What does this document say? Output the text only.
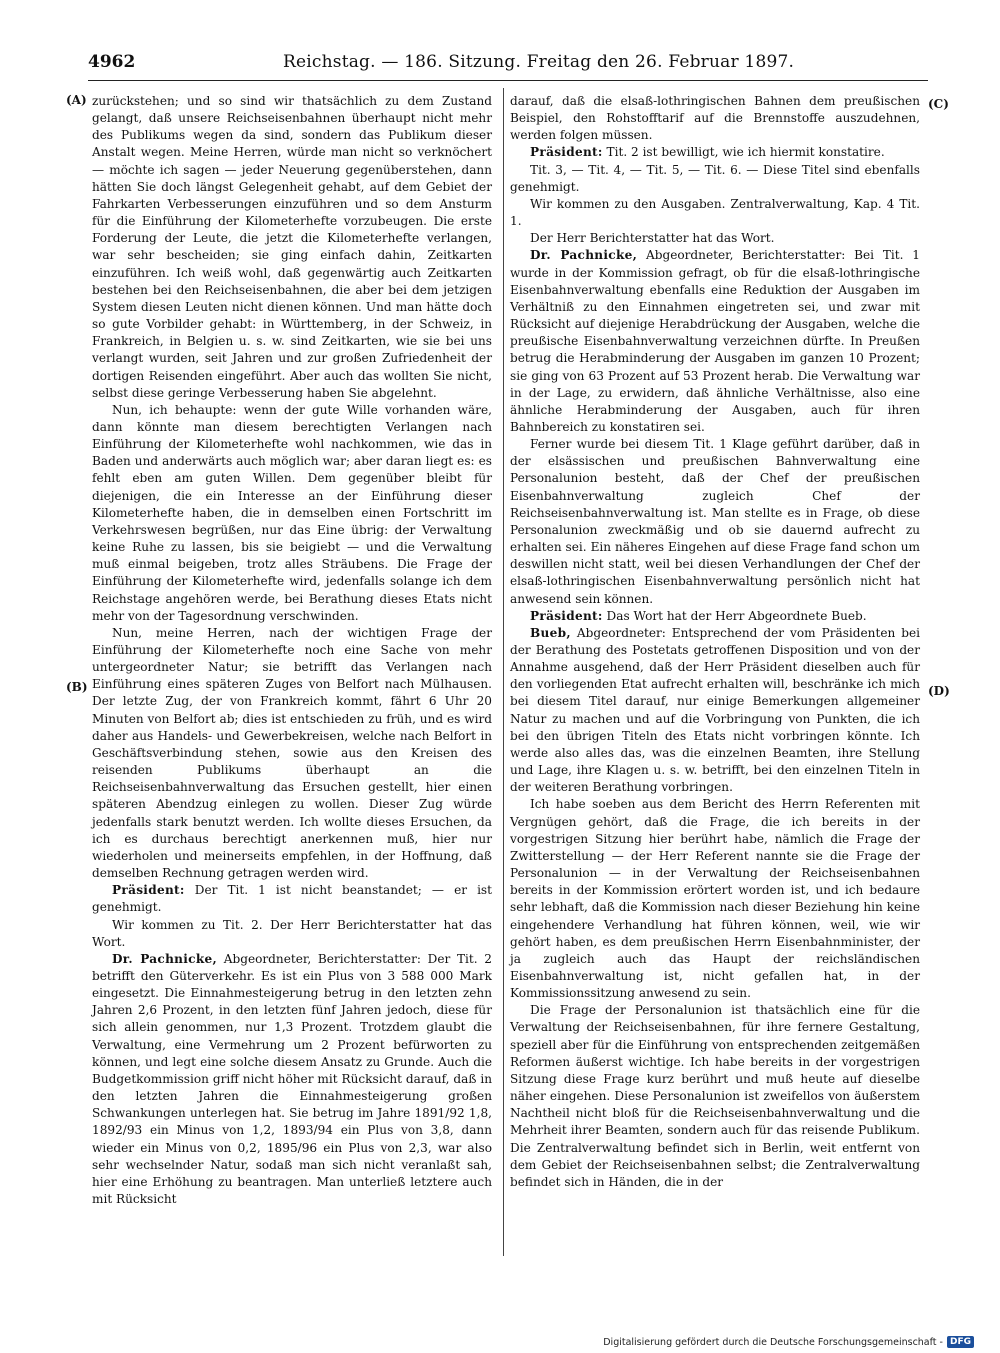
4962	Reichstag. — 186. Sitzung. Freitag den 26. Februar 1897.
(A)
(B)
(C)
(D)

zurückstehen; und so sind wir thatsächlich zu dem Zustand gelangt, daß unsere Reichseisenbahnen überhaupt nicht mehr des Publikums wegen da sind, sondern das Publikum dieser Anstalt wegen. Meine Herren, würde man nicht so verknöchert — möchte ich sagen — jeder Neuerung gegenüberstehen, dann hätten Sie doch längst Gelegenheit gehabt, auf dem Gebiet der Fahrkarten Verbesserungen einzuführen und so dem Ansturm für die Einführung der Kilometerhefte vorzubeugen. Die erste Forderung der Leute, die jetzt die Kilometerhefte verlangen, war sehr bescheiden; sie ging einfach dahin, Zeitkarten einzuführen. Ich weiß wohl, daß gegenwärtig auch Zeitkarten bestehen bei den Reichseisenbahnen, die aber bei dem jetzigen System diesen Leuten nicht dienen können. Und man hätte doch so gute Vorbilder gehabt: in Württemberg, in der Schweiz, in Frankreich, in Belgien u. s. w. sind Zeitkarten, wie sie bei uns verlangt wurden, seit Jahren und zur großen Zufriedenheit der dortigen Reisenden eingeführt. Aber auch das wollten Sie nicht, selbst diese geringe Verbesserung haben Sie abgelehnt.

Nun, ich behaupte: wenn der gute Wille vorhanden wäre, dann könnte man diesem berechtigten Verlangen nach Einführung der Kilometerhefte wohl nachkommen, wie das in Baden und anderwärts auch möglich war; aber daran liegt es: es fehlt eben am guten Willen. Dem gegenüber bleibt für diejenigen, die ein Interesse an der Einführung dieser Kilometerhefte haben, die in demselben einen Fortschritt im Verkehrswesen begrüßen, nur das Eine übrig: der Verwaltung keine Ruhe zu lassen, bis sie beigiebt — und die Verwaltung muß einmal beigeben, trotz alles Sträubens. Die Frage der Einführung der Kilometerhefte wird, jedenfalls solange ich dem Reichstage angehören werde, bei Berathung dieses Etats nicht mehr von der Tagesordnung verschwinden.

Nun, meine Herren, nach der wichtigen Frage der Einführung der Kilometerhefte noch eine Sache von mehr untergeordneter Natur; sie betrifft das Verlangen nach Einführung eines späteren Zuges von Belfort nach Mülhausen. Der letzte Zug, der von Frankreich kommt, fährt 6 Uhr 20 Minuten von Belfort ab; dies ist entschieden zu früh, und es wird daher aus Handels- und Gewerbekreisen, welche nach Belfort in Geschäftsverbindung stehen, sowie aus den Kreisen des reisenden Publikums überhaupt an die Reichseisenbahnverwaltung das Ersuchen gestellt, hier einen späteren Abendzug einlegen zu wollen. Dieser Zug würde jedenfalls stark benutzt werden. Ich wollte dieses Ersuchen, da ich es durchaus berechtigt anerkennen muß, hier nur wiederholen und meinerseits empfehlen, in der Hoffnung, daß demselben Rechnung getragen werden wird.

Präsident: Der Tit. 1 ist nicht beanstandet; — er ist genehmigt.

Wir kommen zu Tit. 2. Der Herr Berichterstatter hat das Wort.

Dr. Pachnicke, Abgeordneter, Berichterstatter: Der Tit. 2 betrifft den Güterverkehr. Es ist ein Plus von 3 588 000 Mark eingesetzt. Die Einnahmesteigerung betrug in den letzten zehn Jahren 2,6 Prozent, in den letzten fünf Jahren jedoch, diese für sich allein genommen, nur 1,3 Prozent. Trotzdem glaubt die Verwaltung, eine Vermehrung um 2 Prozent befürworten zu können, und legt eine solche diesem Ansatz zu Grunde. Auch die Budgetkommission griff nicht höher mit Rücksicht darauf, daß in den letzten Jahren die Einnahmesteigerung großen Schwankungen unterlegen hat. Sie betrug im Jahre 1891/92 1,8, 1892/93 ein Minus von 1,2, 1893/94 ein Plus von 3,8, dann wieder ein Minus von 0,2, 1895/96 ein Plus von 2,3, war also sehr wechselnder Natur, sodaß man sich nicht veranlaßt sah, hier eine Erhöhung zu beantragen. Man unterließ letztere auch mit Rücksicht

darauf, daß die elsaß-lothringischen Bahnen dem preußischen Beispiel, den Rohstofftarif auf die Brennstoffe auszudehnen, werden folgen müssen.

Präsident: Tit. 2 ist bewilligt, wie ich hiermit konstatire.

Tit. 3, — Tit. 4, — Tit. 5, — Tit. 6. — Diese Titel sind ebenfalls genehmigt.

Wir kommen zu den Ausgaben. Zentralverwaltung, Kap. 4 Tit. 1.

Der Herr Berichterstatter hat das Wort.

Dr. Pachnicke, Abgeordneter, Berichterstatter: Bei Tit. 1 wurde in der Kommission gefragt, ob für die elsaß-lothringische Eisenbahnverwaltung ebenfalls eine Reduktion der Ausgaben im Verhältniß zu den Einnahmen eingetreten sei, und zwar mit Rücksicht auf diejenige Herabdrückung der Ausgaben, welche die preußische Eisenbahnverwaltung verzeichnen dürfte. In Preußen betrug die Herabminderung der Ausgaben im ganzen 10 Prozent; sie ging von 63 Prozent auf 53 Prozent herab. Die Verwaltung war in der Lage, zu erwidern, daß ähnliche Verhältnisse, also eine ähnliche Herabminderung der Ausgaben, auch für ihren Bahnbereich zu konstatiren sei.

Ferner wurde bei diesem Tit. 1 Klage geführt darüber, daß in der elsässischen und preußischen Bahnverwaltung eine Personalunion besteht, daß der Chef der preußischen Eisenbahnverwaltung zugleich Chef der Reichseisenbahnverwaltung ist. Man stellte es in Frage, ob diese Personalunion zweckmäßig und ob sie dauernd aufrecht zu erhalten sei. Ein näheres Eingehen auf diese Frage fand schon um deswillen nicht statt, weil bei diesen Verhandlungen der Chef der elsaß-lothringischen Eisenbahnverwaltung persönlich nicht hat anwesend sein können.

Präsident: Das Wort hat der Herr Abgeordnete Bueb.

Bueb, Abgeordneter: Entsprechend der vom Präsidenten bei der Berathung des Postetats getroffenen Disposition und von der Annahme ausgehend, daß der Herr Präsident dieselben auch für den vorliegenden Etat aufrecht erhalten will, beschränke ich mich bei diesem Titel darauf, nur einige Bemerkungen allgemeiner Natur zu machen und auf die Vorbringung von Punkten, die ich bei den übrigen Titeln des Etats nicht vorbringen könnte. Ich werde also alles das, was die einzelnen Beamten, ihre Stellung und Lage, ihre Klagen u. s. w. betrifft, bei den einzelnen Titeln in der weiteren Berathung vorbringen.

Ich habe soeben aus dem Bericht des Herrn Referenten mit Vergnügen gehört, daß die Frage, die ich bereits in der vorgestrigen Sitzung hier berührt habe, nämlich die Frage der Zwitterstellung — der Herr Referent nannte sie die Frage der Personalunion — in der Verwaltung der Reichseisenbahnen bereits in der Kommission erörtert worden ist, und ich bedaure sehr lebhaft, daß die Kommission nach dieser Beziehung hin keine eingehendere Verhandlung hat führen können, weil, wie wir gehört haben, es dem preußischen Herrn Eisenbahnminister, der ja zugleich auch das Haupt der reichsländischen Eisenbahnverwaltung ist, nicht gefallen hat, in der Kommissionssitzung anwesend zu sein.

Die Frage der Personalunion ist thatsächlich eine für die Verwaltung der Reichseisenbahnen, für ihre fernere Gestaltung, speziell aber für die Einführung von entsprechenden zeitgemäßen Reformen äußerst wichtige. Ich habe bereits in der vorgestrigen Sitzung diese Frage kurz berührt und muß heute auf dieselbe näher eingehen. Diese Personalunion ist zweifellos von äußerstem Nachtheil nicht bloß für die Reichseisenbahnverwaltung und die Mehrheit ihrer Beamten, sondern auch für das reisende Publikum. Die Zentralverwaltung befindet sich in Berlin, weit entfernt von dem Gebiet der Reichseisenbahnen selbst; die Zentralverwaltung befindet sich in Händen, die in der

Digitalisierung gefördert durch die Deutsche Forschungsgemeinschaft - DFG
